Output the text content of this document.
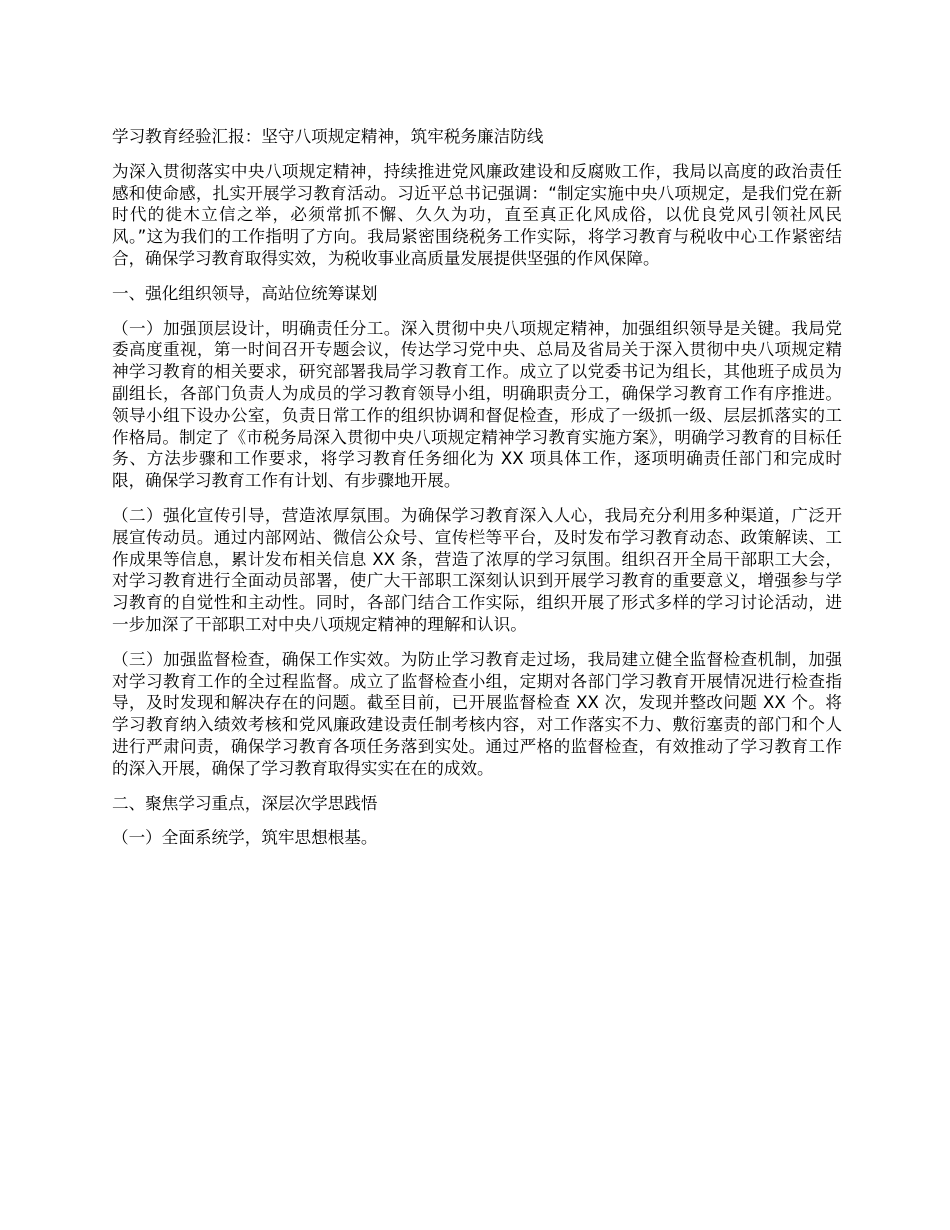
学习教育经验汇报：坚守八项规定精神，筑牢税务廉洁防线

为深入贯彻落实中央八项规定精神，持续推进党风廉政建设和反腐败工作，我局以高度的政治责任感和使命感，扎实开展学习教育活动。习近平总书记强调：“制定实施中央八项规定，是我们党在新时代的徙木立信之举，必须常抓不懈、久久为功，直至真正化风成俗，以优良党风引领社风民风。”这为我们的工作指明了方向。我局紧密围绕税务工作实际，将学习教育与税收中心工作紧密结合，确保学习教育取得实效，为税收事业高质量发展提供坚强的作风保障。

一、强化组织领导，高站位统筹谋划

（一）加强顶层设计，明确责任分工。深入贯彻中央八项规定精神，加强组织领导是关键。我局党委高度重视，第一时间召开专题会议，传达学习党中央、总局及省局关于深入贯彻中央八项规定精神学习教育的相关要求，研究部署我局学习教育工作。成立了以党委书记为组长，其他班子成员为副组长，各部门负责人为成员的学习教育领导小组，明确职责分工，确保学习教育工作有序推进。领导小组下设办公室，负责日常工作的组织协调和督促检查，形成了一级抓一级、层层抓落实的工作格局。制定了《市税务局深入贯彻中央八项规定精神学习教育实施方案》，明确学习教育的目标任务、方法步骤和工作要求，将学习教育任务细化为 XX 项具体工作，逐项明确责任部门和完成时限，确保学习教育工作有计划、有步骤地开展。

（二）强化宣传引导，营造浓厚氛围。为确保学习教育深入人心，我局充分利用多种渠道，广泛开展宣传动员。通过内部网站、微信公众号、宣传栏等平台，及时发布学习教育动态、政策解读、工作成果等信息，累计发布相关信息 XX 条，营造了浓厚的学习氛围。组织召开全局干部职工大会，对学习教育进行全面动员部署，使广大干部职工深刻认识到开展学习教育的重要意义，增强参与学习教育的自觉性和主动性。同时，各部门结合工作实际，组织开展了形式多样的学习讨论活动，进一步加深了干部职工对中央八项规定精神的理解和认识。

（三）加强监督检查，确保工作实效。为防止学习教育走过场，我局建立健全监督检查机制，加强对学习教育工作的全过程监督。成立了监督检查小组，定期对各部门学习教育开展情况进行检查指导，及时发现和解决存在的问题。截至目前，已开展监督检查 XX 次，发现并整改问题 XX 个。将学习教育纳入绩效考核和党风廉政建设责任制考核内容，对工作落实不力、敷衍塞责的部门和个人进行严肃问责，确保学习教育各项任务落到实处。通过严格的监督检查，有效推动了学习教育工作的深入开展，确保了学习教育取得实实在在的成效。

二、聚焦学习重点，深层次学思践悟

（一）全面系统学，筑牢思想根基。
